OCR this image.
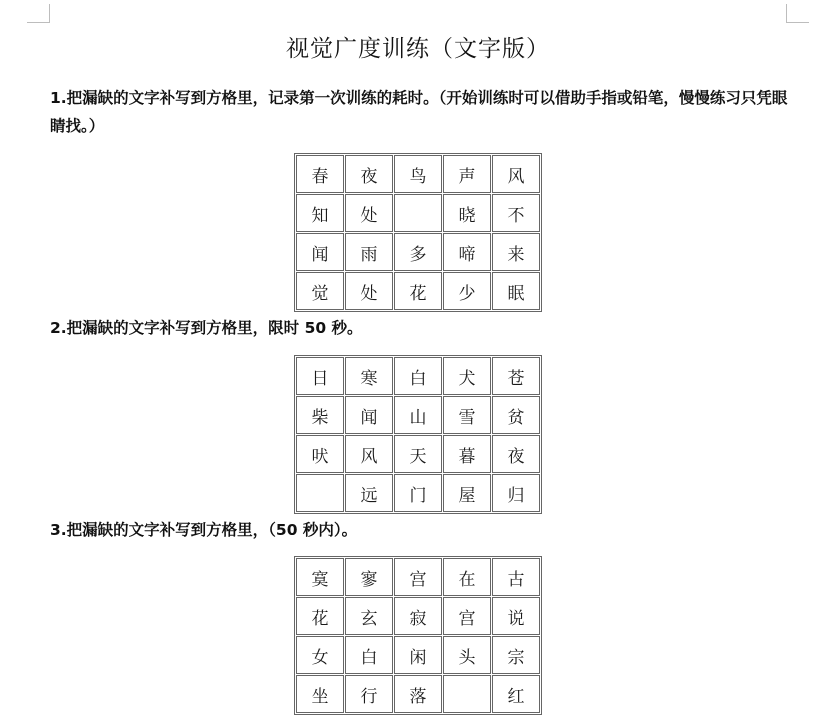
视觉广度训练（文字版）

1.把漏缺的文字补写到方格里，记录第一次训练的耗时。（开始训练时可以借助手指或铅笔，慢慢练习只凭眼睛找。）

春	夜	鸟	声	风
知	处		晓	不
闻	雨	多	啼	来
觉	处	花	少	眠

2.把漏缺的文字补写到方格里，限时 50 秒。

日	寒	白	犬	苍
柴	闻	山	雪	贫
吠	风	天	暮	夜
	远	门	屋	归

3.把漏缺的文字补写到方格里，（50 秒内）。

寞	寥	宫	在	古
花	玄	寂	宫	说
女	白	闲	头	宗
坐	行	落		红
